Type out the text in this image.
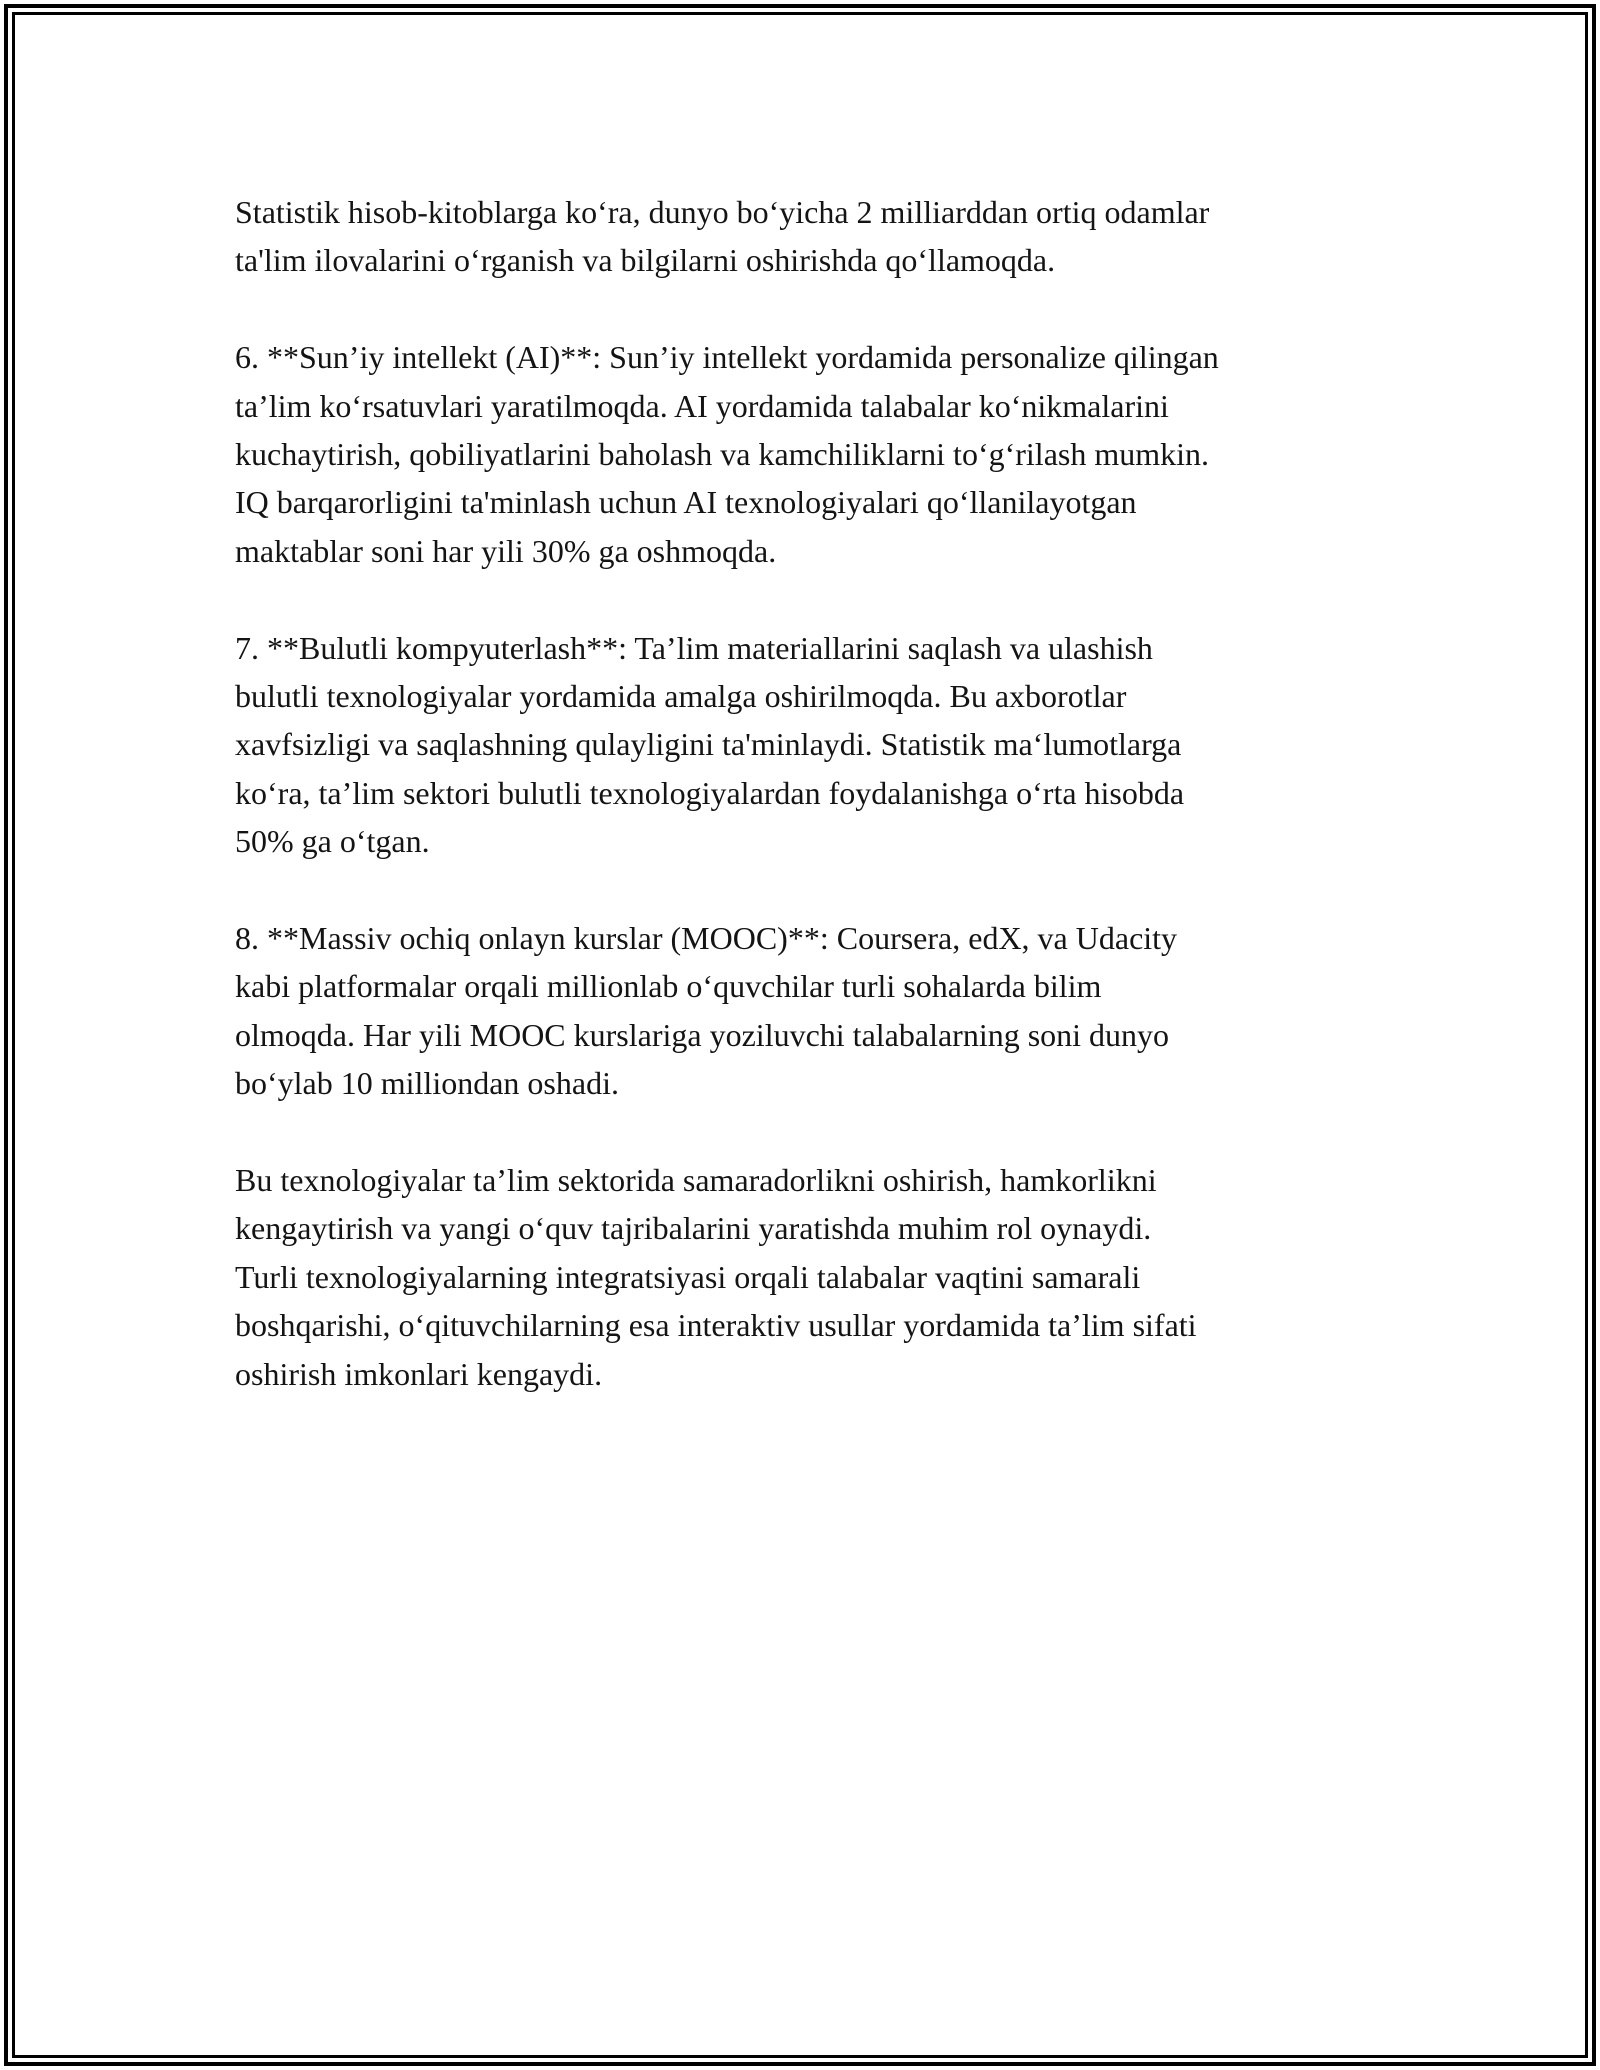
Statistik hisob-kitoblarga ko‘ra, dunyo bo‘yicha 2 milliarddan ortiq odamlar
ta'lim ilovalarini o‘rganish va bilgilarni oshirishda qo‘llamoqda.
6. **Sun’iy intellekt (AI)**: Sun’iy intellekt yordamida personalize qilingan
ta’lim ko‘rsatuvlari yaratilmoqda. AI yordamida talabalar ko‘nikmalarini
kuchaytirish, qobiliyatlarini baholash va kamchiliklarni to‘g‘rilash mumkin.
IQ barqarorligini ta'minlash uchun AI texnologiyalari qo‘llanilayotgan
maktablar soni har yili 30% ga oshmoqda.
7. **Bulutli kompyuterlash**: Ta’lim materiallarini saqlash va ulashish
bulutli texnologiyalar yordamida amalga oshirilmoqda. Bu axborotlar
xavfsizligi va saqlashning qulayligini ta'minlaydi. Statistik ma‘lumotlarga
ko‘ra, ta’lim sektori bulutli texnologiyalardan foydalanishga o‘rta hisobda
50% ga o‘tgan.
8. **Massiv ochiq onlayn kurslar (MOOC)**: Coursera, edX, va Udacity
kabi platformalar orqali millionlab o‘quvchilar turli sohalarda bilim
olmoqda. Har yili MOOC kurslariga yoziluvchi talabalarning soni dunyo
bo‘ylab 10 milliondan oshadi.
Bu texnologiyalar ta’lim sektorida samaradorlikni oshirish, hamkorlikni
kengaytirish va yangi o‘quv tajribalarini yaratishda muhim rol oynaydi.
Turli texnologiyalarning integratsiyasi orqali talabalar vaqtini samarali
boshqarishi, o‘qituvchilarning esa interaktiv usullar yordamida ta’lim sifati
oshirish imkonlari kengaydi.
